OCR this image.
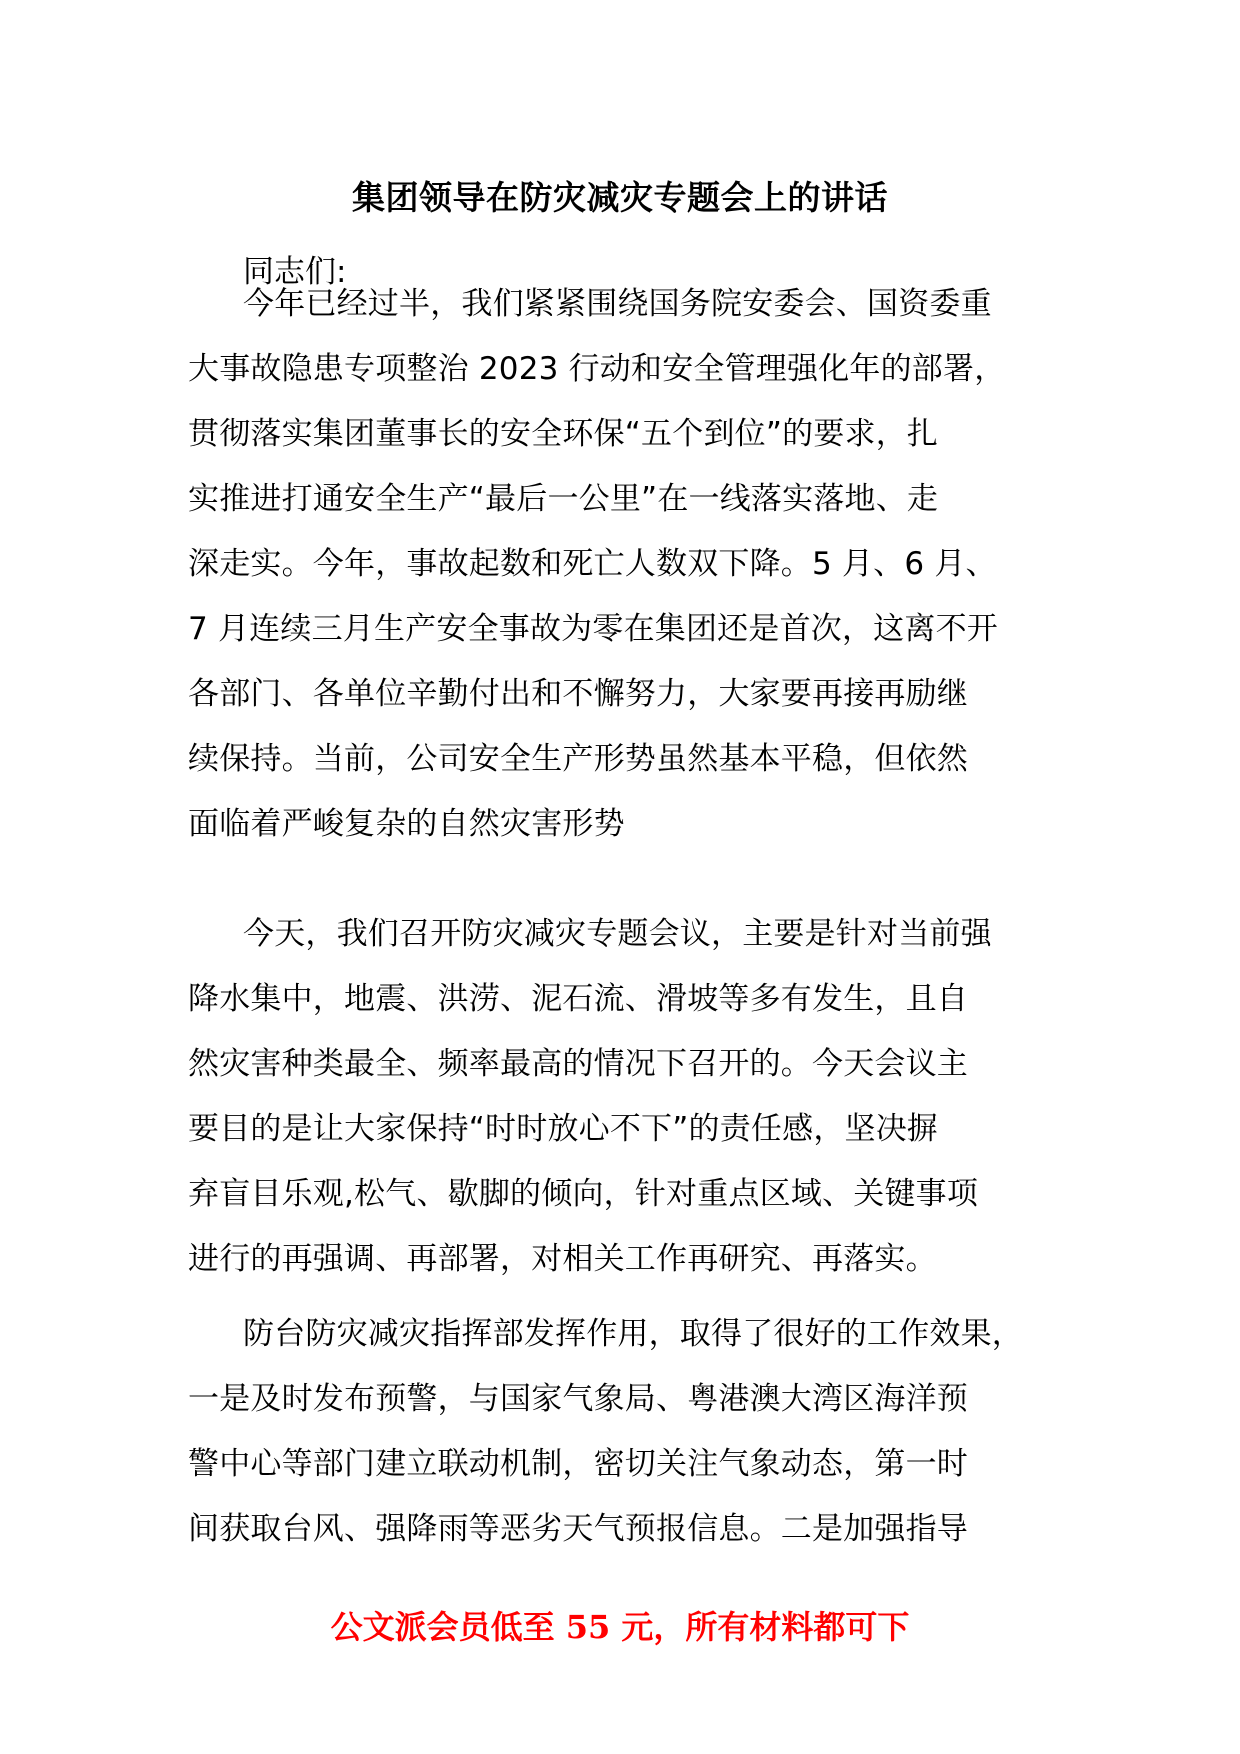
集团领导在防灾减灾专题会上的讲话
同志们:
今年已经过半，我们紧紧围绕国务院安委会、国资委重
大事故隐患专项整治 2023 行动和安全管理强化年的部署，
贯彻落实集团董事长的安全环保“五个到位”的要求，扎
实推进打通安全生产“最后一公里”在一线落实落地、走
深走实。今年，事故起数和死亡人数双下降。5 月、6 月、
7 月连续三月生产安全事故为零在集团还是首次，这离不开
各部门、各单位辛勤付出和不懈努力，大家要再接再励继
续保持。当前，公司安全生产形势虽然基本平稳，但依然
面临着严峻复杂的自然灾害形势
今天，我们召开防灾减灾专题会议，主要是针对当前强
降水集中，地震、洪涝、泥石流、滑坡等多有发生，且自
然灾害种类最全、频率最高的情况下召开的。今天会议主
要目的是让大家保持“时时放心不下”的责任感，坚决摒
弃盲目乐观,松气、歇脚的倾向，针对重点区域、关键事项
进行的再强调、再部署，对相关工作再研究、再落实。
防台防灾减灾指挥部发挥作用，取得了很好的工作效果，
一是及时发布预警，与国家气象局、粤港澳大湾区海洋预
警中心等部门建立联动机制，密切关注气象动态，第一时
间获取台风、强降雨等恶劣天气预报信息。二是加强指导
公文派会员低至 55 元，所有材料都可下
